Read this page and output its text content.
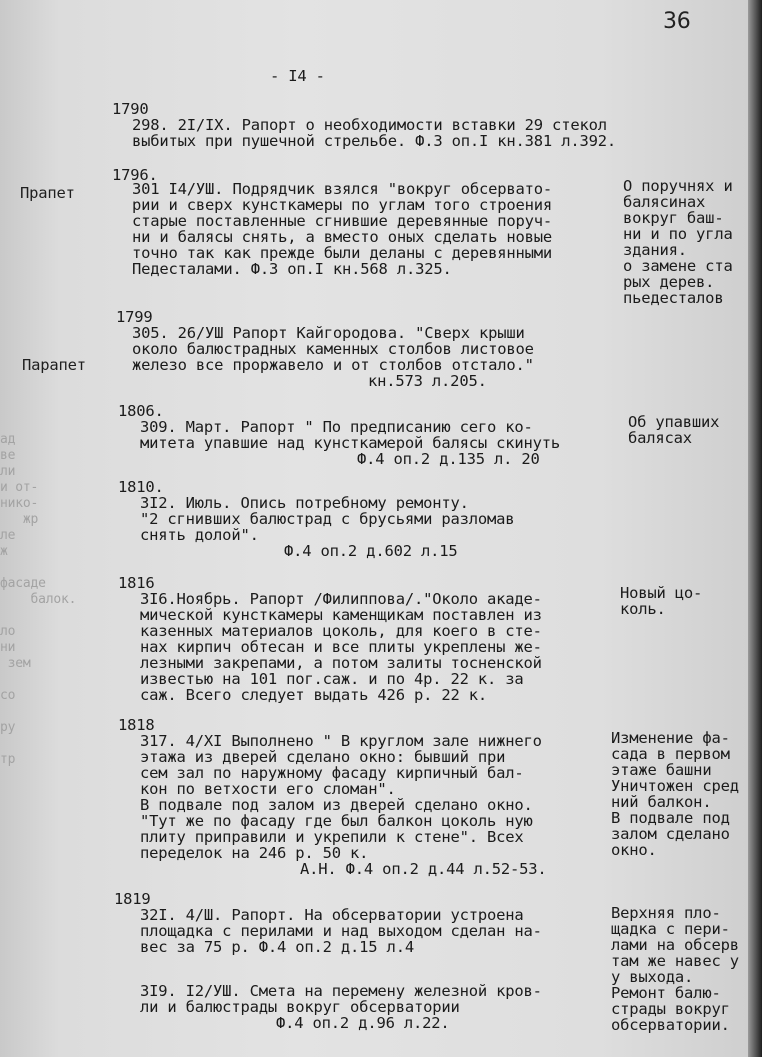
ад
ве
ли
и от-
нико-
жр
ле
ж

фасаде
балок.

ло
ни
зем

со

ру

тр
36
- I4 -
1790
298. 2I/IX. Рапорт о необходимости вставки 29 стекол
выбитых при пушечной стрельбе. Ф.3 оп.I кн.381 л.392.
1796.
Прапет	301 I4/УШ. Подрядчик взялся "вокруг обсервато-
рии и сверх кунсткамеры по углам того строения
старые поставленные сгнившие деревянные поруч-
ни и балясы снять, а вместо оных сделать новые
точно так как прежде были деланы с деревянными
Педесталами. Ф.3 оп.I кн.568 л.325.
О поручнях и
балясинах
вокруг баш-
ни и по угла
здания.
о замене ста
рых дерев.
пьедесталов
1799
Парапет
305. 26/УШ Рапорт Кайгородова. "Сверх крыши
около балюстрадных каменных столбов листовое
железо все проржавело и от столбов отстало."
кн.573 л.205.
1806.
309. Март. Рапорт " По предписанию сего ко-
митета упавшие над кунсткамерой балясы скинуть
Ф.4 оп.2 д.135 л. 20
Об упавших
балясах
1810.
3I2. Июль. Опись потребному ремонту.
"2 сгнивших балюстрад с брусьями разломав
снять долой".
Ф.4 оп.2 д.602 л.15
1816
3I6.Ноябрь. Рапорт /Филиппова/."Около акаде-
мической кунсткамеры каменщикам поставлен из
казенных материалов цоколь, для коего в сте-
нах кирпич обтесан и все плиты укреплены же-
лезными закрепами, а потом залиты тосненской
известью на 101 пог.саж. и по 4р. 22 к. за
саж. Всего следует выдать 426 р. 22 к.
Новый цо-
коль.
1818
317. 4/XI Выполнено " В круглом зале нижнего
этажа из дверей сделано окно: бывший при
сем зал по наружному фасаду кирпичный бал-
кон по ветхости его сломан".
В подвале под залом из дверей сделано окно.
"Тут же по фасаду где был балкон цоколь ную
плиту приправили и укрепили к стене". Всех
переделок на 246 р. 50 к.
А.Н. Ф.4 оп.2 д.44 л.52-53.
Изменение фа-
сада в первом
этаже башни
Уничтожен сред
ний балкон.
В подвале под
залом сделано
окно.
1819
32I. 4/Ш. Рапорт. На обсерватории устроена
площадка с перилами и над выходом сделан на-
вес за 75 р. Ф.4 оп.2 д.15 л.4
Верхняя пло-
щадка с пери-
лами на обсерв
там же навес у
у выхода.
3I9. I2/УШ. Смета на перемену железной кров-
ли и балюстрады вокруг обсерватории
Ф.4 оп.2 д.96 л.22.
Ремонт балю-
страды вокруг
обсерватории.
